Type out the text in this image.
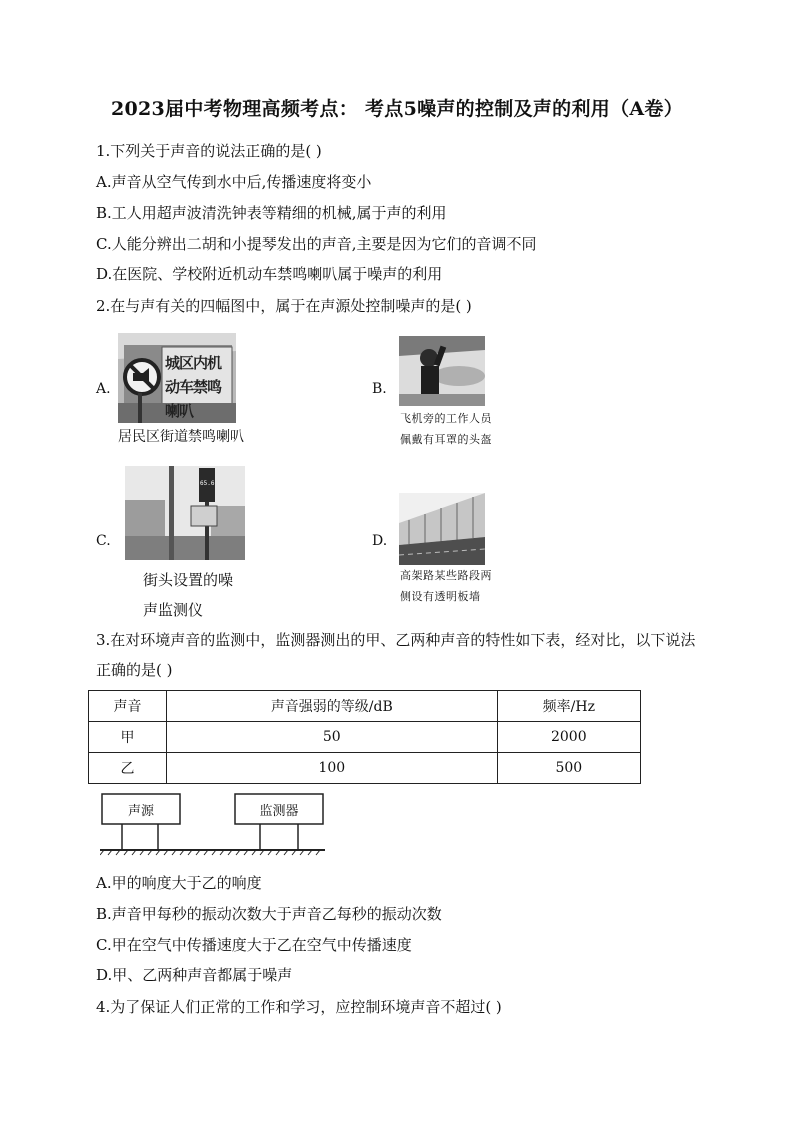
2023届中考物理高频考点： 考点5噪声的控制及声的利用（A卷）
1.下列关于声音的说法正确的是( )
A.声音从空气传到水中后,传播速度将变小
B.工人用超声波清洗钟表等精细的机械,属于声的利用
C.人能分辨出二胡和小提琴发出的声音,主要是因为它们的音调不同
D.在医院、学校附近机动车禁鸣喇叭属于噪声的利用
2.在与声有关的四幅图中，属于在声源处控制噪声的是( )
A.
城区内机动车禁鸣喇叭
居民区街道禁鸣喇叭
B.
飞机旁的工作人员
佩戴有耳罩的头盔
C.
65.6
街头设置的噪
声监测仪
D.
高架路某些路段两
侧设有透明板墙
3.在对环境声音的监测中，监测器测出的甲、乙两种声音的特性如下表，经对比，以下说法正确的是( )
声音	声音强弱的等级/dB	频率/Hz
甲	50	2000
乙	100	500
声源	监测器
A.甲的响度大于乙的响度
B.声音甲每秒的振动次数大于声音乙每秒的振动次数
C.甲在空气中传播速度大于乙在空气中传播速度
D.甲、乙两种声音都属于噪声
4.为了保证人们正常的工作和学习，应控制环境声音不超过( )
